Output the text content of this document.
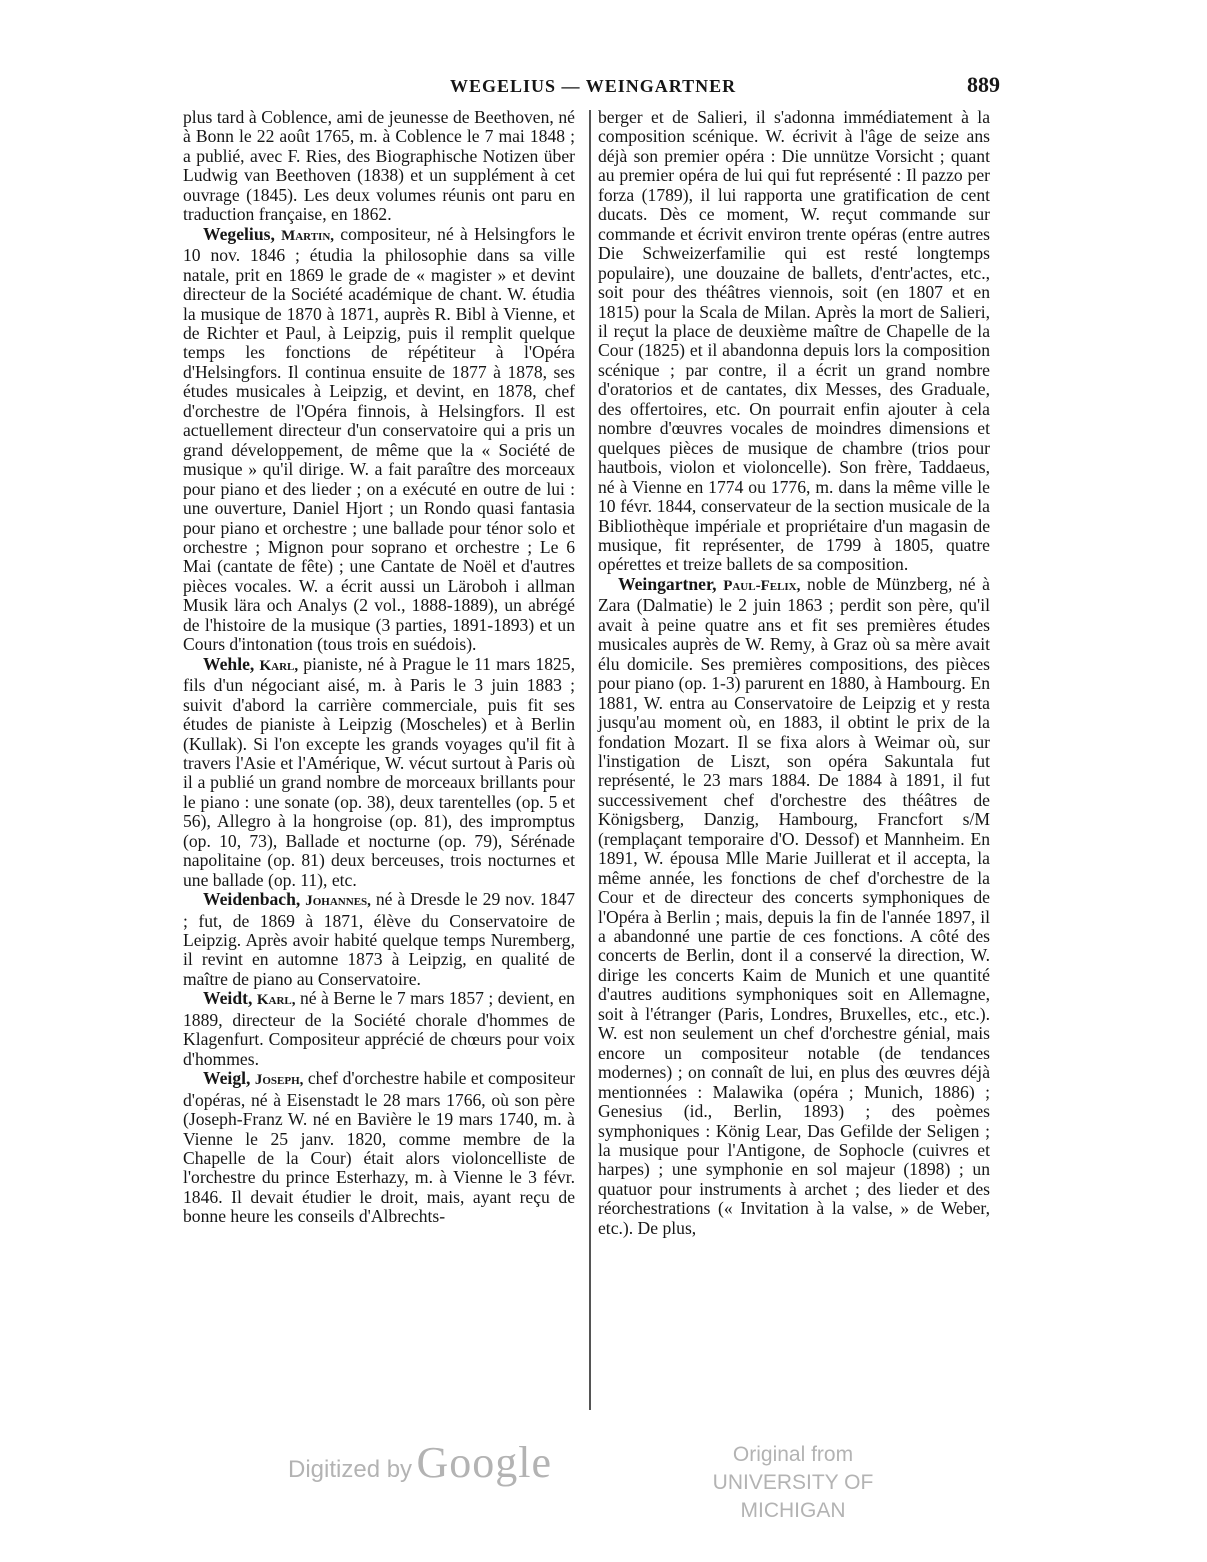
WEGELIUS — WEINGARTNER	889

plus tard à Coblence, ami de jeunesse de Beethoven, né à Bonn le 22 août 1765, m. à Coblence le 7 mai 1848 ; a publié, avec F. Ries, des Biographische Notizen über Ludwig van Beethoven (1838) et un supplément à cet ouvrage (1845). Les deux volumes réunis ont paru en traduction française, en 1862.

Wegelius, Martin, compositeur, né à Helsingfors le 10 nov. 1846 ; étudia la philosophie dans sa ville natale, prit en 1869 le grade de « magister » et devint directeur de la Société académique de chant. W. étudia la musique de 1870 à 1871, auprès R. Bibl à Vienne, et de Richter et Paul, à Leipzig, puis il remplit quelque temps les fonctions de répétiteur à l'Opéra d'Helsingfors. Il continua ensuite de 1877 à 1878, ses études musicales à Leipzig, et devint, en 1878, chef d'orchestre de l'Opéra finnois, à Helsingfors. Il est actuellement directeur d'un conservatoire qui a pris un grand développement, de même que la « Société de musique » qu'il dirige. W. a fait paraître des morceaux pour piano et des lieder ; on a exécuté en outre de lui : une ouverture, Daniel Hjort ; un Rondo quasi fantasia pour piano et orchestre ; une ballade pour ténor solo et orchestre ; Mignon pour soprano et orchestre ; Le 6 Mai (cantate de fête) ; une Cantate de Noël et d'autres pièces vocales. W. a écrit aussi un Läroboh i allman Musik lära och Analys (2 vol., 1888-1889), un abrégé de l'histoire de la musique (3 parties, 1891-1893) et un Cours d'intonation (tous trois en suédois).

Wehle, Karl, pianiste, né à Prague le 11 mars 1825, fils d'un négociant aisé, m. à Paris le 3 juin 1883 ; suivit d'abord la carrière commerciale, puis fit ses études de pianiste à Leipzig (Moscheles) et à Berlin (Kullak). Si l'on excepte les grands voyages qu'il fit à travers l'Asie et l'Amérique, W. vécut surtout à Paris où il a publié un grand nombre de morceaux brillants pour le piano : une sonate (op. 38), deux tarentelles (op. 5 et 56), Allegro à la hongroise (op. 81), des impromptus (op. 10, 73), Ballade et nocturne (op. 79), Sérénade napolitaine (op. 81) deux berceuses, trois nocturnes et une ballade (op. 11), etc.

Weidenbach, Johannes, né à Dresde le 29 nov. 1847 ; fut, de 1869 à 1871, élève du Conservatoire de Leipzig. Après avoir habité quelque temps Nuremberg, il revint en automne 1873 à Leipzig, en qualité de maître de piano au Conservatoire.

Weidt, Karl, né à Berne le 7 mars 1857 ; devient, en 1889, directeur de la Société chorale d'hommes de Klagenfurt. Compositeur apprécié de chœurs pour voix d'hommes.

Weigl, Joseph, chef d'orchestre habile et compositeur d'opéras, né à Eisenstadt le 28 mars 1766, où son père (Joseph-Franz W. né en Bavière le 19 mars 1740, m. à Vienne le 25 janv. 1820, comme membre de la Chapelle de la Cour) était alors violoncelliste de l'orchestre du prince Esterhazy, m. à Vienne le 3 févr. 1846. Il devait étudier le droit, mais, ayant reçu de bonne heure les conseils d'Albrechts-

berger et de Salieri, il s'adonna immédiatement à la composition scénique. W. écrivit à l'âge de seize ans déjà son premier opéra : Die unnütze Vorsicht ; quant au premier opéra de lui qui fut représenté : Il pazzo per forza (1789), il lui rapporta une gratification de cent ducats. Dès ce moment, W. reçut commande sur commande et écrivit environ trente opéras (entre autres Die Schweizerfamilie qui est resté longtemps populaire), une douzaine de ballets, d'entr'actes, etc., soit pour des théâtres viennois, soit (en 1807 et en 1815) pour la Scala de Milan. Après la mort de Salieri, il reçut la place de deuxième maître de Chapelle de la Cour (1825) et il abandonna depuis lors la composition scénique ; par contre, il a écrit un grand nombre d'oratorios et de cantates, dix Messes, des Graduale, des offertoires, etc. On pourrait enfin ajouter à cela nombre d'œuvres vocales de moindres dimensions et quelques pièces de musique de chambre (trios pour hautbois, violon et violoncelle). Son frère, Taddaeus, né à Vienne en 1774 ou 1776, m. dans la même ville le 10 févr. 1844, conservateur de la section musicale de la Bibliothèque impériale et propriétaire d'un magasin de musique, fit représenter, de 1799 à 1805, quatre opérettes et treize ballets de sa composition.

Weingartner, Paul-Felix, noble de Münzberg, né à Zara (Dalmatie) le 2 juin 1863 ; perdit son père, qu'il avait à peine quatre ans et fit ses premières études musicales auprès de W. Remy, à Graz où sa mère avait élu domicile. Ses premières compositions, des pièces pour piano (op. 1-3) parurent en 1880, à Hambourg. En 1881, W. entra au Conservatoire de Leipzig et y resta jusqu'au moment où, en 1883, il obtint le prix de la fondation Mozart. Il se fixa alors à Weimar où, sur l'instigation de Liszt, son opéra Sakuntala fut représenté, le 23 mars 1884. De 1884 à 1891, il fut successivement chef d'orchestre des théâtres de Königsberg, Danzig, Hambourg, Francfort s/M (remplaçant temporaire d'O. Dessof) et Mannheim. En 1891, W. épousa Mlle Marie Juillerat et il accepta, la même année, les fonctions de chef d'orchestre de la Cour et de directeur des concerts symphoniques de l'Opéra à Berlin ; mais, depuis la fin de l'année 1897, il a abandonné une partie de ces fonctions. A côté des concerts de Berlin, dont il a conservé la direction, W. dirige les concerts Kaim de Munich et une quantité d'autres auditions symphoniques soit en Allemagne, soit à l'étranger (Paris, Londres, Bruxelles, etc., etc.). W. est non seulement un chef d'orchestre génial, mais encore un compositeur notable (de tendances modernes) ; on connaît de lui, en plus des œuvres déjà mentionnées : Malawika (opéra ; Munich, 1886) ; Genesius (id., Berlin, 1893) ; des poèmes symphoniques : König Lear, Das Gefilde der Seligen ; la musique pour l'Antigone, de Sophocle (cuivres et harpes) ; une symphonie en sol majeur (1898) ; un quatuor pour instruments à archet ; des lieder et des réorchestrations (« Invitation à la valse, » de Weber, etc.). De plus,

Digitized by Google	Original from
UNIVERSITY OF MICHIGAN
